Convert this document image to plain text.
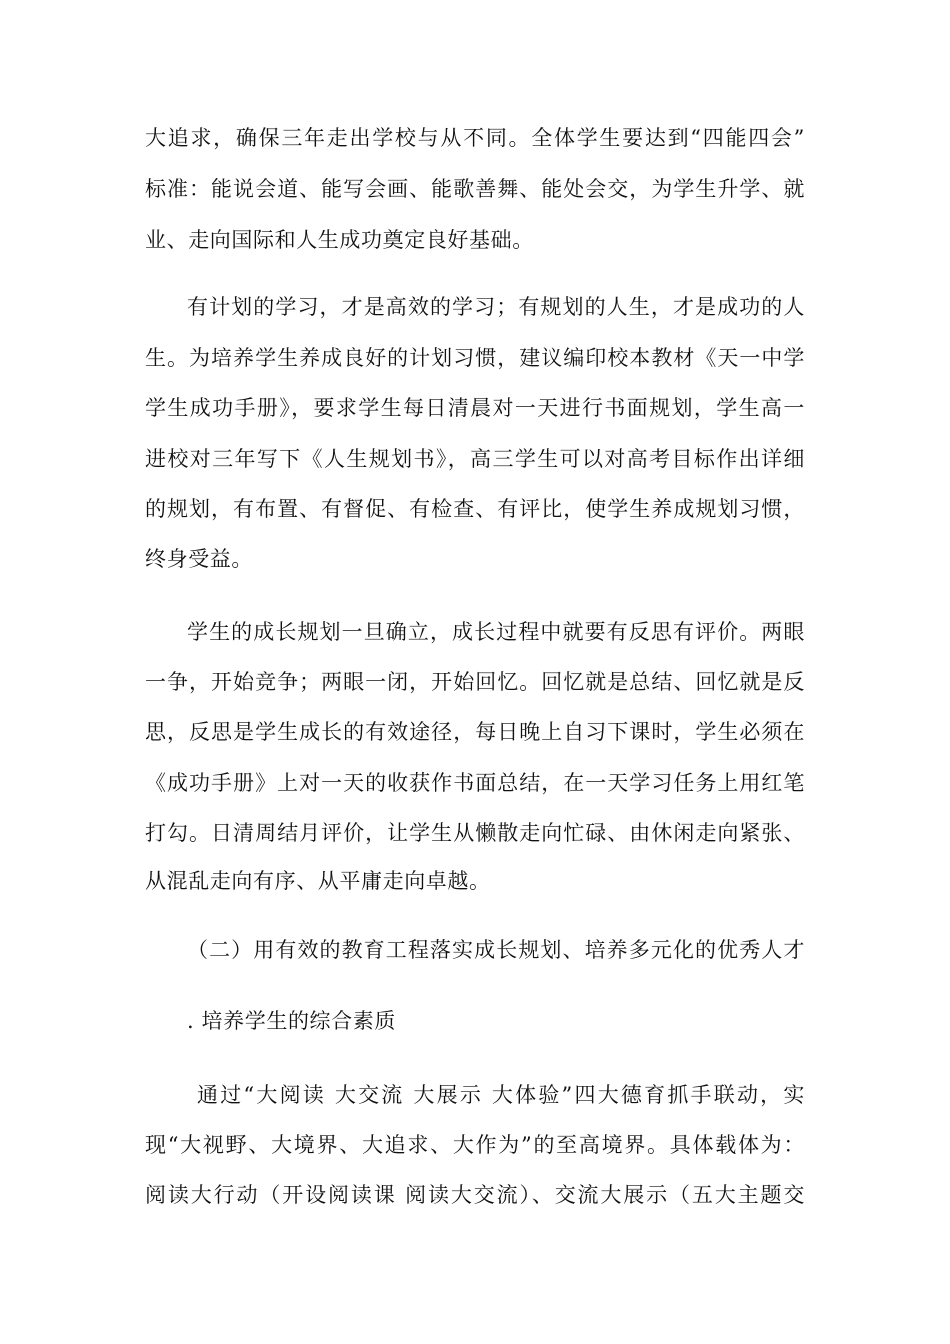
大追求，确保三年走出学校与从不同。全体学生要达到“四能四会”
标准：能说会道、能写会画、能歌善舞、能处会交，为学生升学、就
业、走向国际和人生成功奠定良好基础。
有计划的学习，才是高效的学习；有规划的人生，才是成功的人
生。为培养学生养成良好的计划习惯，建议编印校本教材《天一中学
学生成功手册》，要求学生每日清晨对一天进行书面规划，学生高一
进校对三年写下《人生规划书》，高三学生可以对高考目标作出详细
的规划，有布置、有督促、有检查、有评比，使学生养成规划习惯，
终身受益。
学生的成长规划一旦确立，成长过程中就要有反思有评价。两眼
一争，开始竞争；两眼一闭，开始回忆。回忆就是总结、回忆就是反
思，反思是学生成长的有效途径，每日晚上自习下课时，学生必须在
《成功手册》上对一天的收获作书面总结，在一天学习任务上用红笔
打勾。日清周结月评价，让学生从懒散走向忙碌、由休闲走向紧张、
从混乱走向有序、从平庸走向卓越。
（二）用有效的教育工程落实成长规划、培养多元化的优秀人才
. 培养学生的综合素质
通过“大阅读 大交流 大展示 大体验”四大德育抓手联动，实
现“大视野、大境界、大追求、大作为”的至高境界。具体载体为：
阅读大行动（开设阅读课 阅读大交流）、交流大展示（五大主题交
